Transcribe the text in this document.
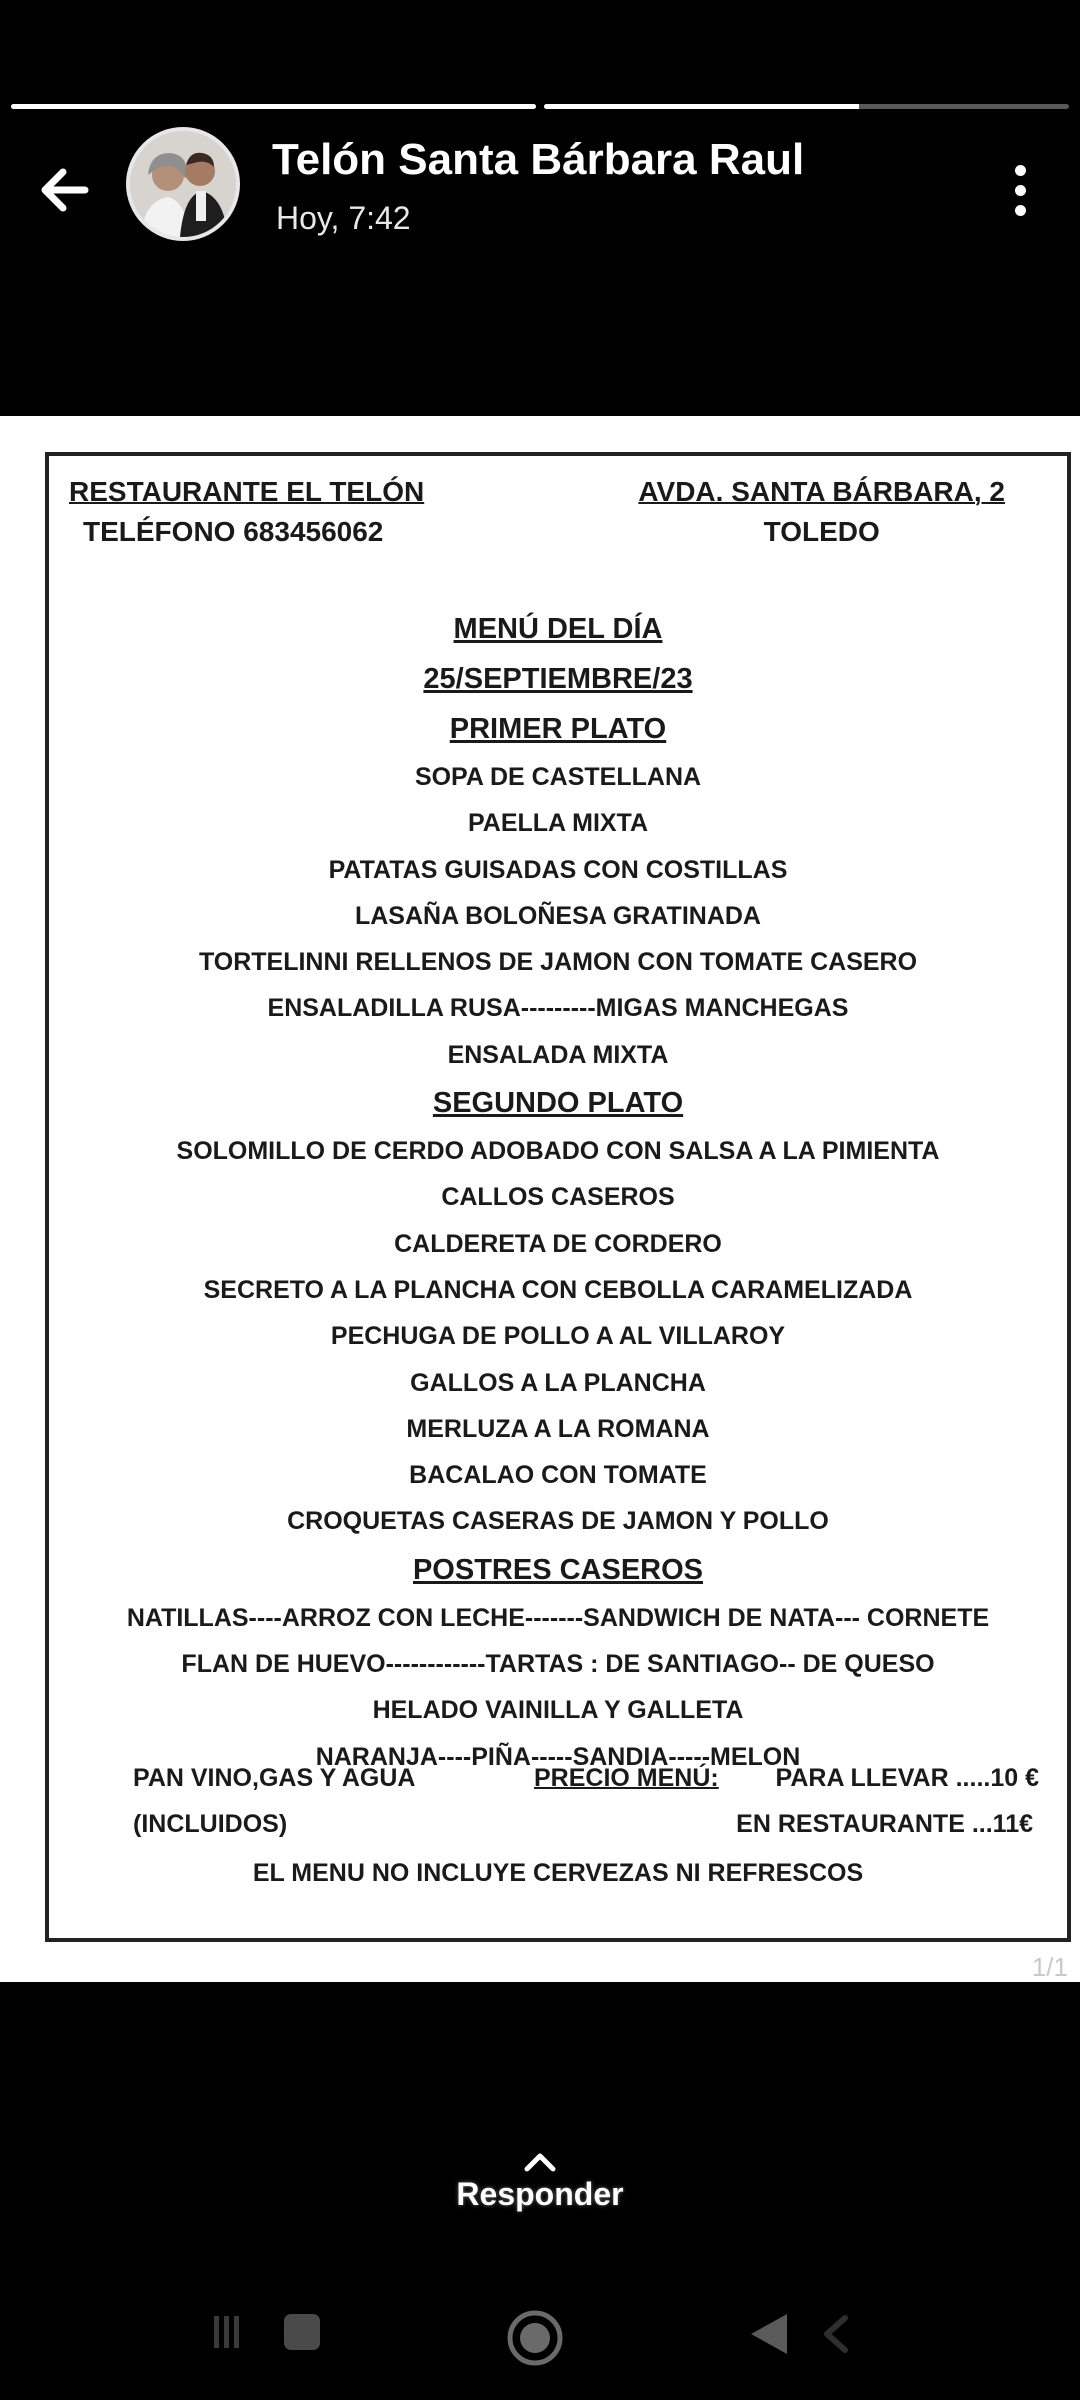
Telón Santa Bárbara Raul
Hoy, 7:42
RESTAURANTE EL TELÓN
TELÉFONO 683456062
AVDA. SANTA BÁRBARA, 2
TOLEDO
MENÚ DEL DÍA
25/SEPTIEMBRE/23
PRIMER PLATO
SOPA DE CASTELLANA
PAELLA MIXTA
PATATAS GUISADAS CON COSTILLAS
LASAÑA BOLOÑESA GRATINADA
TORTELINNI RELLENOS DE JAMON CON TOMATE CASERO
ENSALADILLA RUSA---------MIGAS MANCHEGAS
ENSALADA MIXTA
SEGUNDO PLATO
SOLOMILLO DE CERDO ADOBADO CON SALSA A LA PIMIENTA
CALLOS CASEROS
CALDERETA DE CORDERO
SECRETO A LA PLANCHA CON CEBOLLA CARAMELIZADA
PECHUGA DE POLLO A AL VILLAROY
GALLOS A LA PLANCHA
MERLUZA A LA ROMANA
BACALAO CON TOMATE
CROQUETAS CASERAS DE JAMON Y POLLO
POSTRES CASEROS
NATILLAS----ARROZ CON LECHE-------SANDWICH DE NATA--- CORNETE
FLAN DE HUEVO------------TARTAS : DE SANTIAGO-- DE QUESO
HELADO VAINILLA Y GALLETA
NARANJA----PIÑA-----SANDIA-----MELON
PAN VINO,GAS Y AGUA	PRECIO MENÚ: PARA LLEVAR .....10 €
(INCLUIDOS)	EN RESTAURANTE ...11€
EL MENU NO INCLUYE CERVEZAS NI REFRESCOS
1/1
Responder
